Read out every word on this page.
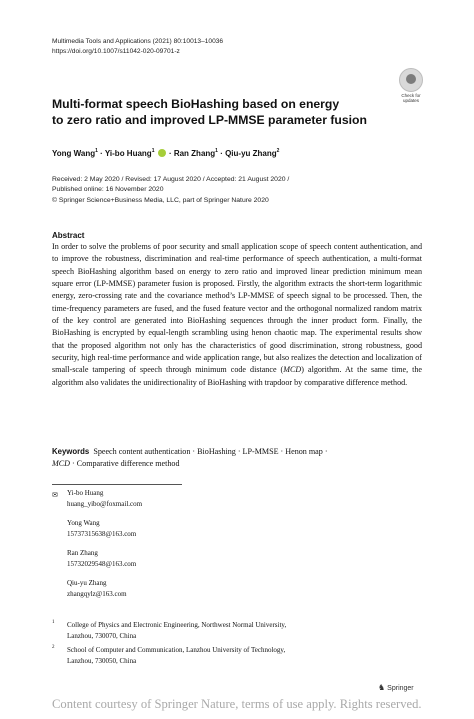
Multimedia Tools and Applications (2021) 80:10013–10036
https://doi.org/10.1007/s11042-020-09701-z
Check for
updates
Multi-format speech BioHashing based on energy
to zero ratio and improved LP-MMSE parameter fusion
Yong Wang$^1$ · Yi-bo Huang$^1$  · Ran Zhang$^1$ · Qiu-yu Zhang$^2$
Received: 2 May 2020 / Revised: 17 August 2020 / Accepted: 21 August 2020 /
Published online: 16 November 2020
© Springer Science+Business Media, LLC, part of Springer Nature 2020
Abstract
In order to solve the problems of poor security and small application scope of speech content authentication, and to improve the robustness, discrimination and real-time performance of speech authentication, a multi-format speech BioHashing algorithm based on energy to zero ratio and improved linear prediction minimum mean square error (LP-MMSE) parameter fusion is proposed. Firstly, the algorithm extracts the short-term logarithmic energy, zero-crossing rate and the covariance method’s LP-MMSE of speech signal to be processed. Then, the time-frequency parameters are fused, and the fused feature vector and the orthogonal normalized random matrix of the key control are generated into BioHashing sequences through the inner product form. Finally, the BioHashing is encrypted by equal-length scrambling using henon chaotic map. The experimental results show that the proposed algorithm not only has the characteristics of good discrimination, strong robustness, good security, high real-time performance and wide application range, but also realizes the detection and localization of small-scale tampering of speech through minimum code distance (MCD) algorithm. At the same time, the algorithm also validates the unidirectionality of BioHashing with trapdoor by comparative difference method.
Keywords Speech content authentication · BioHashing · LP-MMSE · Henon map ·
MCD · Comparative difference method
✉ Yi-bo Huang
huang_yibo@foxmail.com
Yong Wang
15737315638@163.com
Ran Zhang
15732029548@163.com
Qiu-yu Zhang
zhangqylz@163.com
1 College of Physics and Electronic Engineering, Northwest Normal University,
Lanzhou, 730070, China
2 School of Computer and Communication, Lanzhou University of Technology,
Lanzhou, 730050, China
♞ Springer
Content courtesy of Springer Nature, terms of use apply. Rights reserved.
